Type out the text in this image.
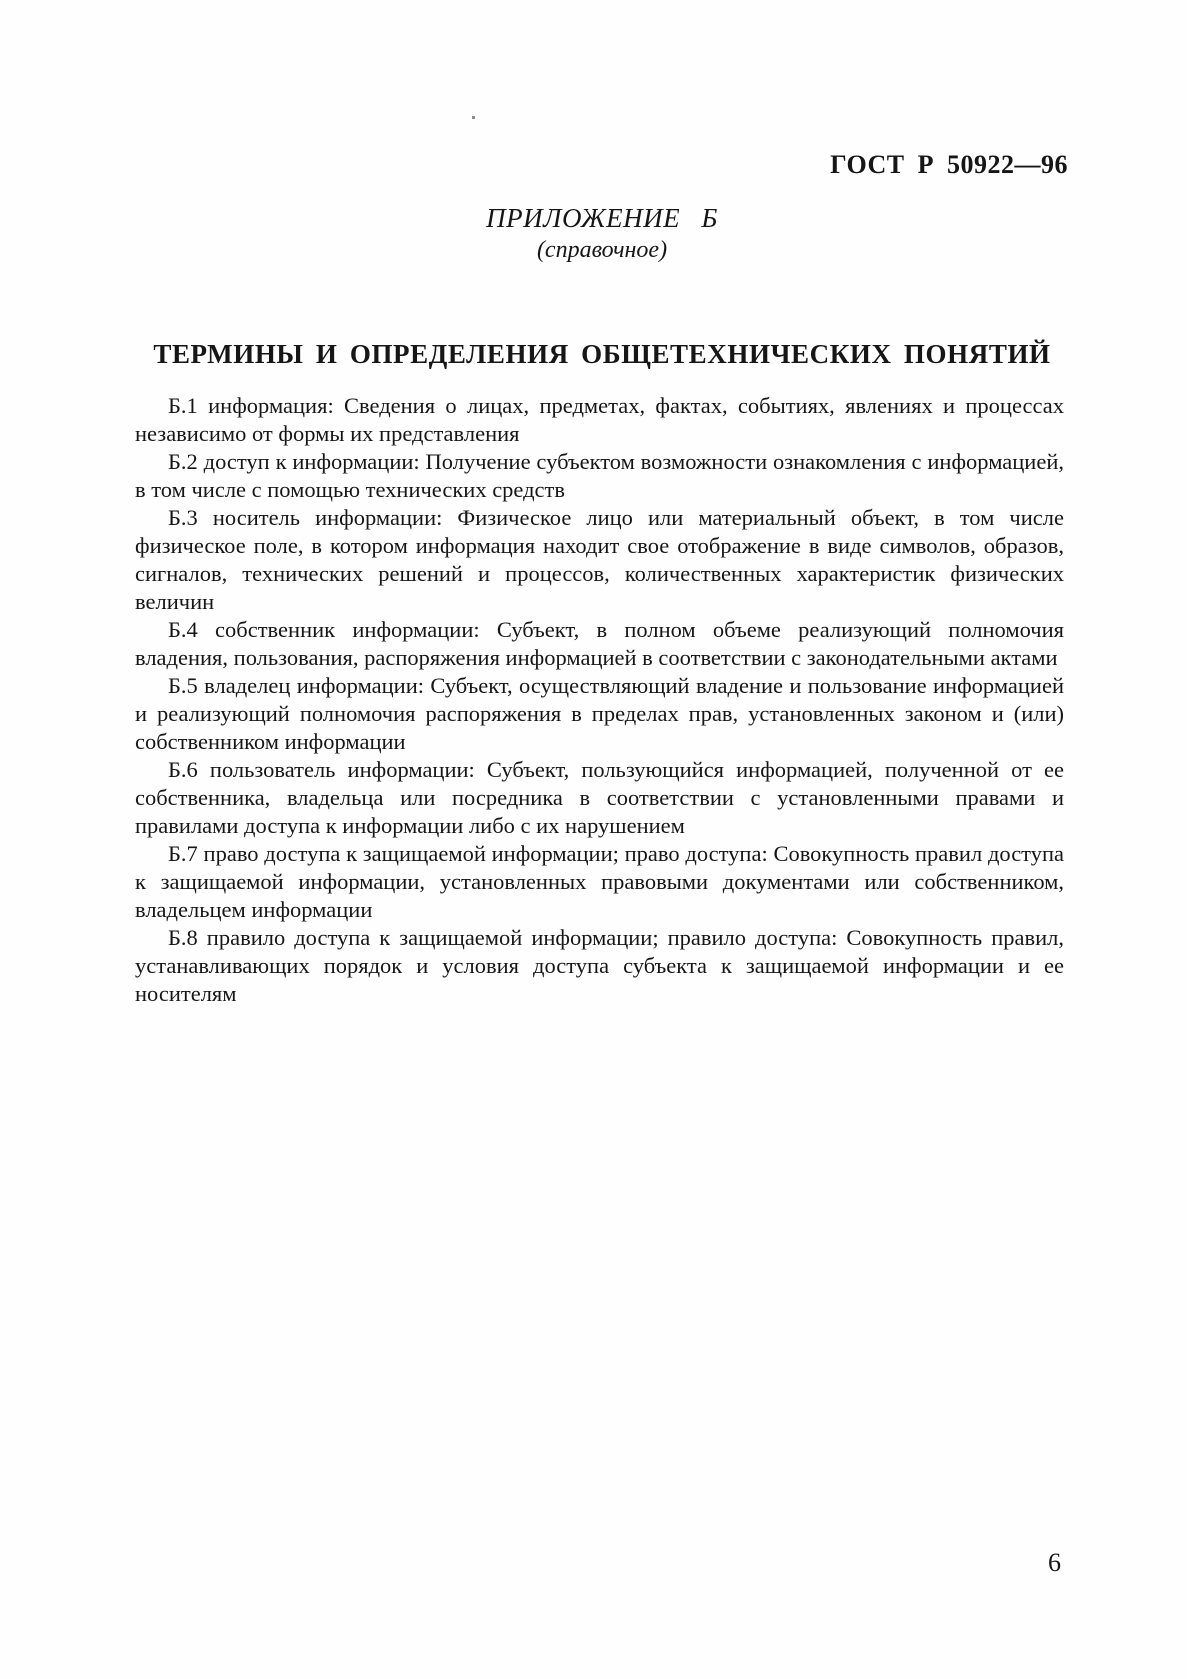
ГОСТ Р 50922—96
ПРИЛОЖЕНИЕ Б
(справочное)
ТЕРМИНЫ И ОПРЕДЕЛЕНИЯ ОБЩЕТЕХНИЧЕСКИХ ПОНЯТИЙ

Б.1 информация: Сведения о лицах, предметах, фактах, событиях, явлениях и процессах независимо от формы их представления

Б.2 доступ к информации: Получение субъектом возможности ознакомления с информацией, в том числе с помощью технических средств

Б.3 носитель информации: Физическое лицо или материальный объект, в том числе физическое поле, в котором информация находит свое отображение в виде символов, образов, сигналов, технических решений и процессов, количественных характеристик физических величин

Б.4 собственник информации: Субъект, в полном объеме реализующий полномочия владения, пользования, распоряжения информацией в соответствии с законодательными актами

Б.5 владелец информации: Субъект, осуществляющий владение и пользование информацией и реализующий полномочия распоряжения в пределах прав, установленных законом и (или) собственником информации

Б.6 пользователь информации: Субъект, пользующийся информацией, полученной от ее собственника, владельца или посредника в соответствии с установленными правами и правилами доступа к информации либо с их нарушением

Б.7 право доступа к защищаемой информации; право доступа: Совокупность правил доступа к защищаемой информации, установленных правовыми документами или собственником, владельцем информации

Б.8 правило доступа к защищаемой информации; правило доступа: Совокупность правил, устанавливающих порядок и условия доступа субъекта к защищаемой информации и ее носителям

6
